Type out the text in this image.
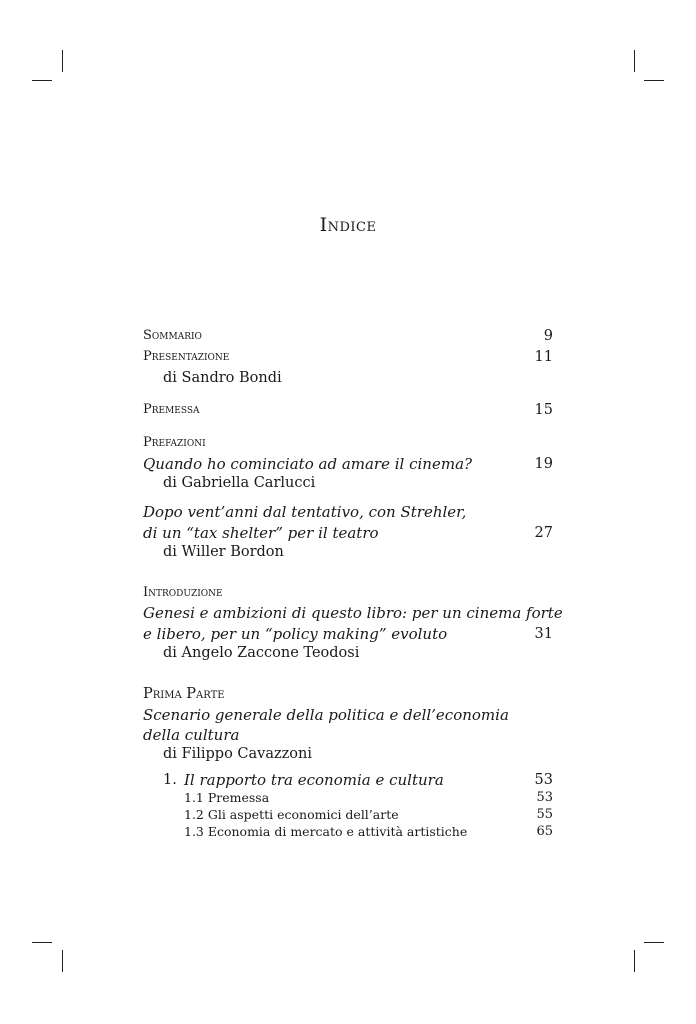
Indice
Sommario	9
Presentazione	11
di Sandro Bondi
Premessa	15
Prefazioni
Quando ho cominciato ad amare il cinema?	19
di Gabriella Carlucci
Dopo vent’anni dal tentativo, con Strehler,
di un “tax shelter” per il teatro	27
di Willer Bordon
Introduzione
Genesi e ambizioni di questo libro: per un cinema forte
e libero, per un “policy making” evoluto	31
di Angelo Zaccone Teodosi
Prima Parte
Scenario generale della politica e dell’economia
della cultura
di Filippo Cavazzoni
1. Il rapporto tra economia e cultura	53
1.1 Premessa	53
1.2 Gli aspetti economici dell’arte	55
1.3 Economia di mercato e attività artistiche	65
